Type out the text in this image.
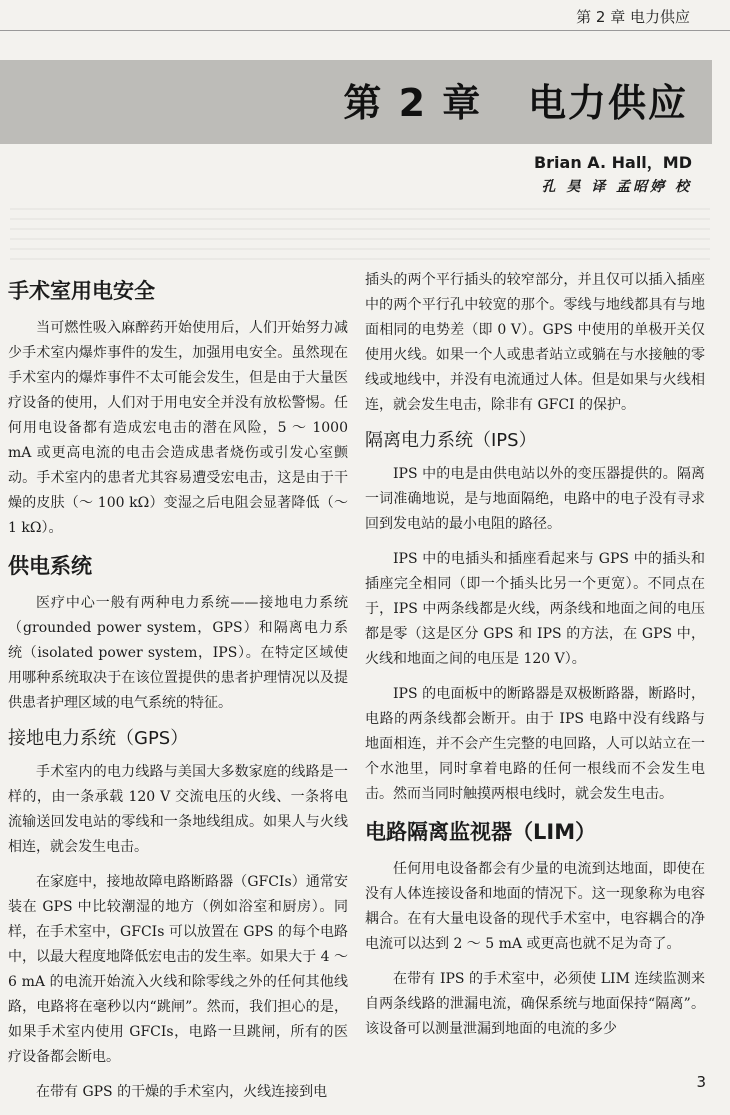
第 2 章 电力供应
第 2 章   电力供应
Brian A. Hall，MD
孔 昊 译 孟昭婷 校
手术室用电安全

当可燃性吸入麻醉药开始使用后，人们开始努力减少手术室内爆炸事件的发生，加强用电安全。虽然现在手术室内的爆炸事件不太可能会发生，但是由于大量医疗设备的使用，人们对于用电安全并没有放松警惕。任何用电设备都有造成宏电击的潜在风险，5 ～ 1000 mA 或更高电流的电击会造成患者烧伤或引发心室颤动。手术室内的患者尤其容易遭受宏电击，这是由于干燥的皮肤（～ 100 kΩ）变湿之后电阻会显著降低（～ 1 kΩ）。

供电系统

医疗中心一般有两种电力系统——接地电力系统（grounded power system，GPS）和隔离电力系统（isolated power system，IPS）。在特定区域使用哪种系统取决于在该位置提供的患者护理情况以及提供患者护理区域的电气系统的特征。

接地电力系统（GPS）

手术室内的电力线路与美国大多数家庭的线路是一样的，由一条承载 120 V 交流电压的火线、一条将电流输送回发电站的零线和一条地线组成。如果人与火线相连，就会发生电击。

在家庭中，接地故障电路断路器（GFCIs）通常安装在 GPS 中比较潮湿的地方（例如浴室和厨房）。同样，在手术室中，GFCIs 可以放置在 GPS 的每个电路中，以最大程度地降低宏电击的发生率。如果大于 4 ～ 6 mA 的电流开始流入火线和除零线之外的任何其他线路，电路将在毫秒以内“跳闸”。然而，我们担心的是，如果手术室内使用 GFCIs，电路一旦跳闸，所有的医疗设备都会断电。

在带有 GPS 的干燥的手术室内，火线连接到电

插头的两个平行插头的较窄部分，并且仅可以插入插座中的两个平行孔中较宽的那个。零线与地线都具有与地面相同的电势差（即 0 V）。GPS 中使用的单极开关仅使用火线。如果一个人或患者站立或躺在与水接触的零线或地线中，并没有电流通过人体。但是如果与火线相连，就会发生电击，除非有 GFCI 的保护。

隔离电力系统（IPS）

IPS 中的电是由供电站以外的变压器提供的。隔离一词准确地说，是与地面隔绝，电路中的电子没有寻求回到发电站的最小电阻的路径。

IPS 中的电插头和插座看起来与 GPS 中的插头和插座完全相同（即一个插头比另一个更宽）。不同点在于，IPS 中两条线都是火线，两条线和地面之间的电压都是零（这是区分 GPS 和 IPS 的方法，在 GPS 中，火线和地面之间的电压是 120 V）。

IPS 的电面板中的断路器是双极断路器，断路时，电路的两条线都会断开。由于 IPS 电路中没有线路与地面相连，并不会产生完整的电回路，人可以站立在一个水池里，同时拿着电路的任何一根线而不会发生电击。然而当同时触摸两根电线时，就会发生电击。

电路隔离监视器（LIM）

任何用电设备都会有少量的电流到达地面，即使在没有人体连接设备和地面的情况下。这一现象称为电容耦合。在有大量电设备的现代手术室中，电容耦合的净电流可以达到 2 ～ 5 mA 或更高也就不足为奇了。

在带有 IPS 的手术室中，必须使 LIM 连续监测来自两条线路的泄漏电流，确保系统与地面保持“隔离”。该设备可以测量泄漏到地面的电流的多少

3
